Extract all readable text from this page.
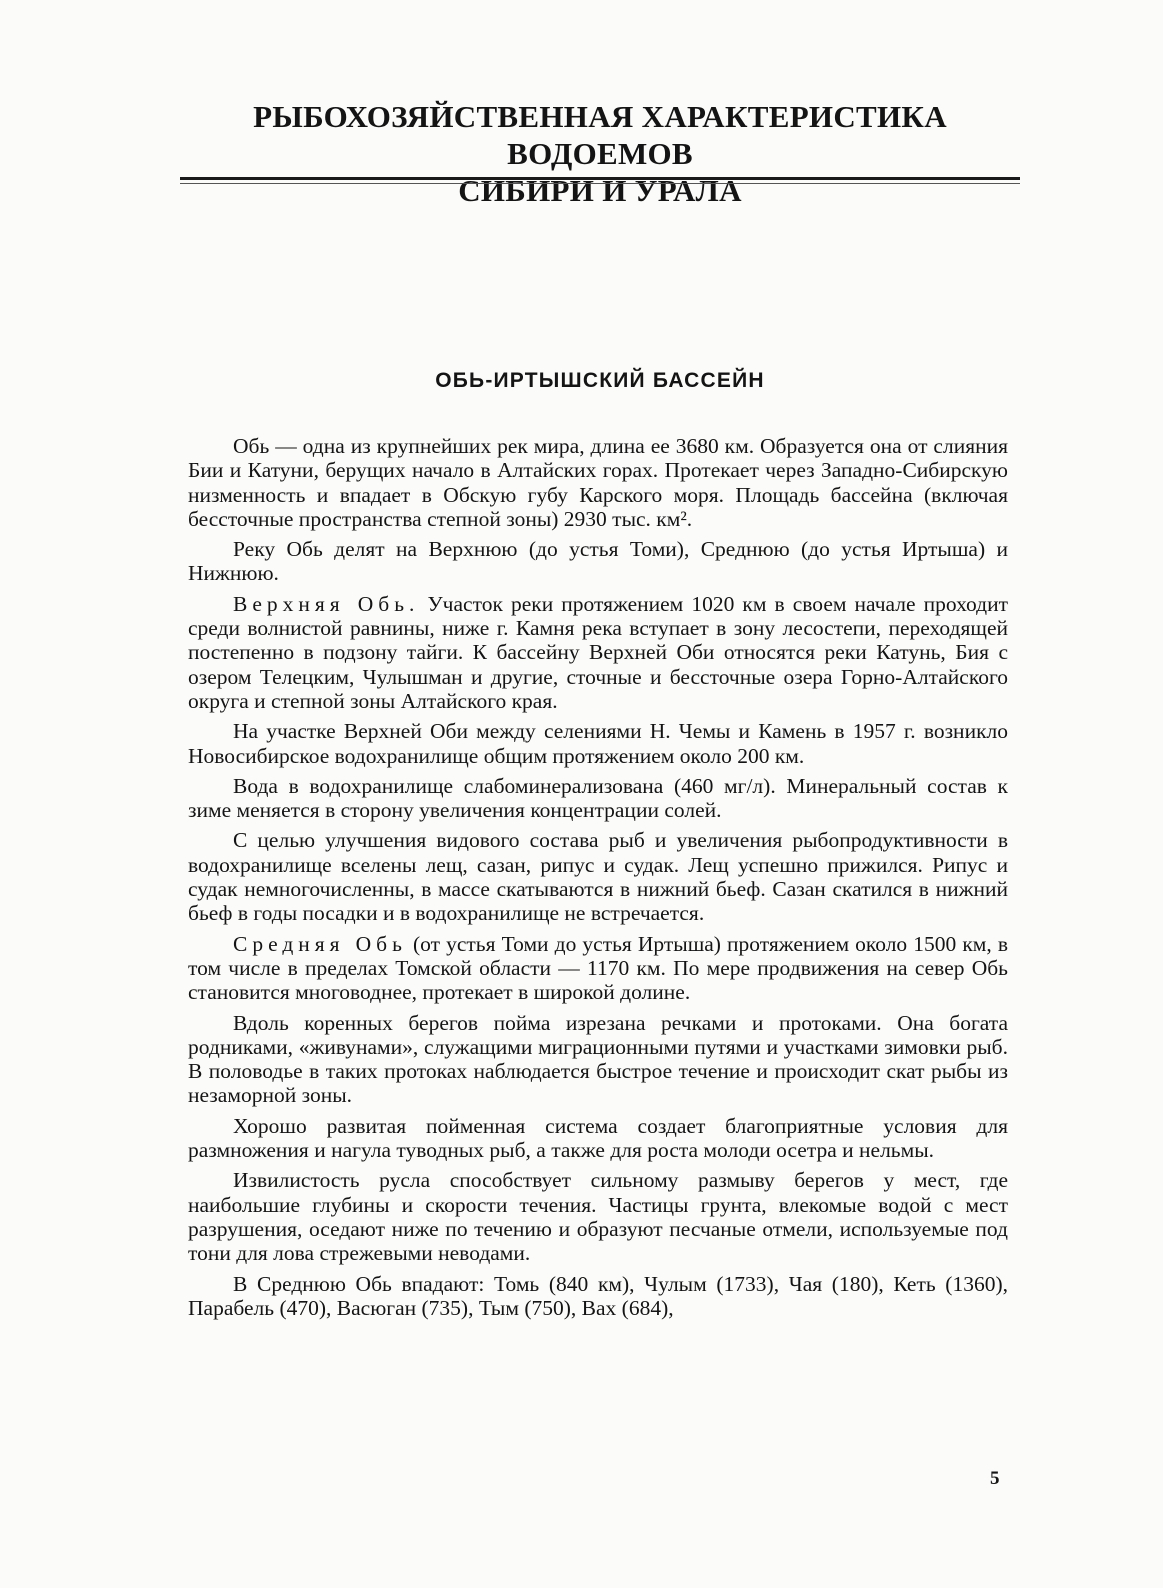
РЫБОХОЗЯЙСТВЕННАЯ ХАРАКТЕРИСТИКА ВОДОЕМОВ
СИБИРИ И УРАЛА
ОБЬ-ИРТЫШСКИЙ БАССЕЙН

Обь — одна из крупнейших рек мира, длина ее 3680 км. Образуется она от слияния Бии и Катуни, берущих начало в Алтайских горах. Протекает через Западно-Сибирскую низменность и впадает в Обскую губу Карского моря. Площадь бассейна (включая бессточные пространства степной зоны) 2930 тыс. км².

Реку Обь делят на Верхнюю (до устья Томи), Среднюю (до устья Иртыша) и Нижнюю.

Верхняя Обь. Участок реки протяжением 1020 км в своем начале проходит среди волнистой равнины, ниже г. Камня река вступает в зону лесостепи, переходящей постепенно в подзону тайги. К бассейну Верхней Оби относятся реки Катунь, Бия с озером Телецким, Чулышман и другие, сточные и бессточные озера Горно-Алтайского округа и степной зоны Алтайского края.

На участке Верхней Оби между селениями Н. Чемы и Камень в 1957 г. возникло Новосибирское водохранилище общим протяжением около 200 км.

Вода в водохранилище слабоминерализована (460 мг/л). Минеральный состав к зиме меняется в сторону увеличения концентрации солей.

С целью улучшения видового состава рыб и увеличения рыбопродуктивности в водохранилище вселены лещ, сазан, рипус и судак. Лещ успешно прижился. Рипус и судак немногочисленны, в массе скатываются в нижний бьеф. Сазан скатился в нижний бьеф в годы посадки и в водохранилище не встречается.

Средняя Обь (от устья Томи до устья Иртыша) протяжением около 1500 км, в том числе в пределах Томской области — 1170 км. По мере продвижения на север Обь становится многоводнее, протекает в широкой долине.

Вдоль коренных берегов пойма изрезана речками и протоками. Она богата родниками, «живунами», служащими миграционными путями и участками зимовки рыб. В половодье в таких протоках наблюдается быстрое течение и происходит скат рыбы из незаморной зоны.

Хорошо развитая пойменная система создает благоприятные условия для размножения и нагула туводных рыб, а также для роста молоди осетра и нельмы.

Извилистость русла способствует сильному размыву берегов у мест, где наибольшие глубины и скорости течения. Частицы грунта, влекомые водой с мест разрушения, оседают ниже по течению и образуют песчаные отмели, используемые под тони для лова стрежевыми неводами.

В Среднюю Обь впадают: Томь (840 км), Чулым (1733), Чая (180), Кеть (1360), Парабель (470), Васюган (735), Тым (750), Вах (684),

5
